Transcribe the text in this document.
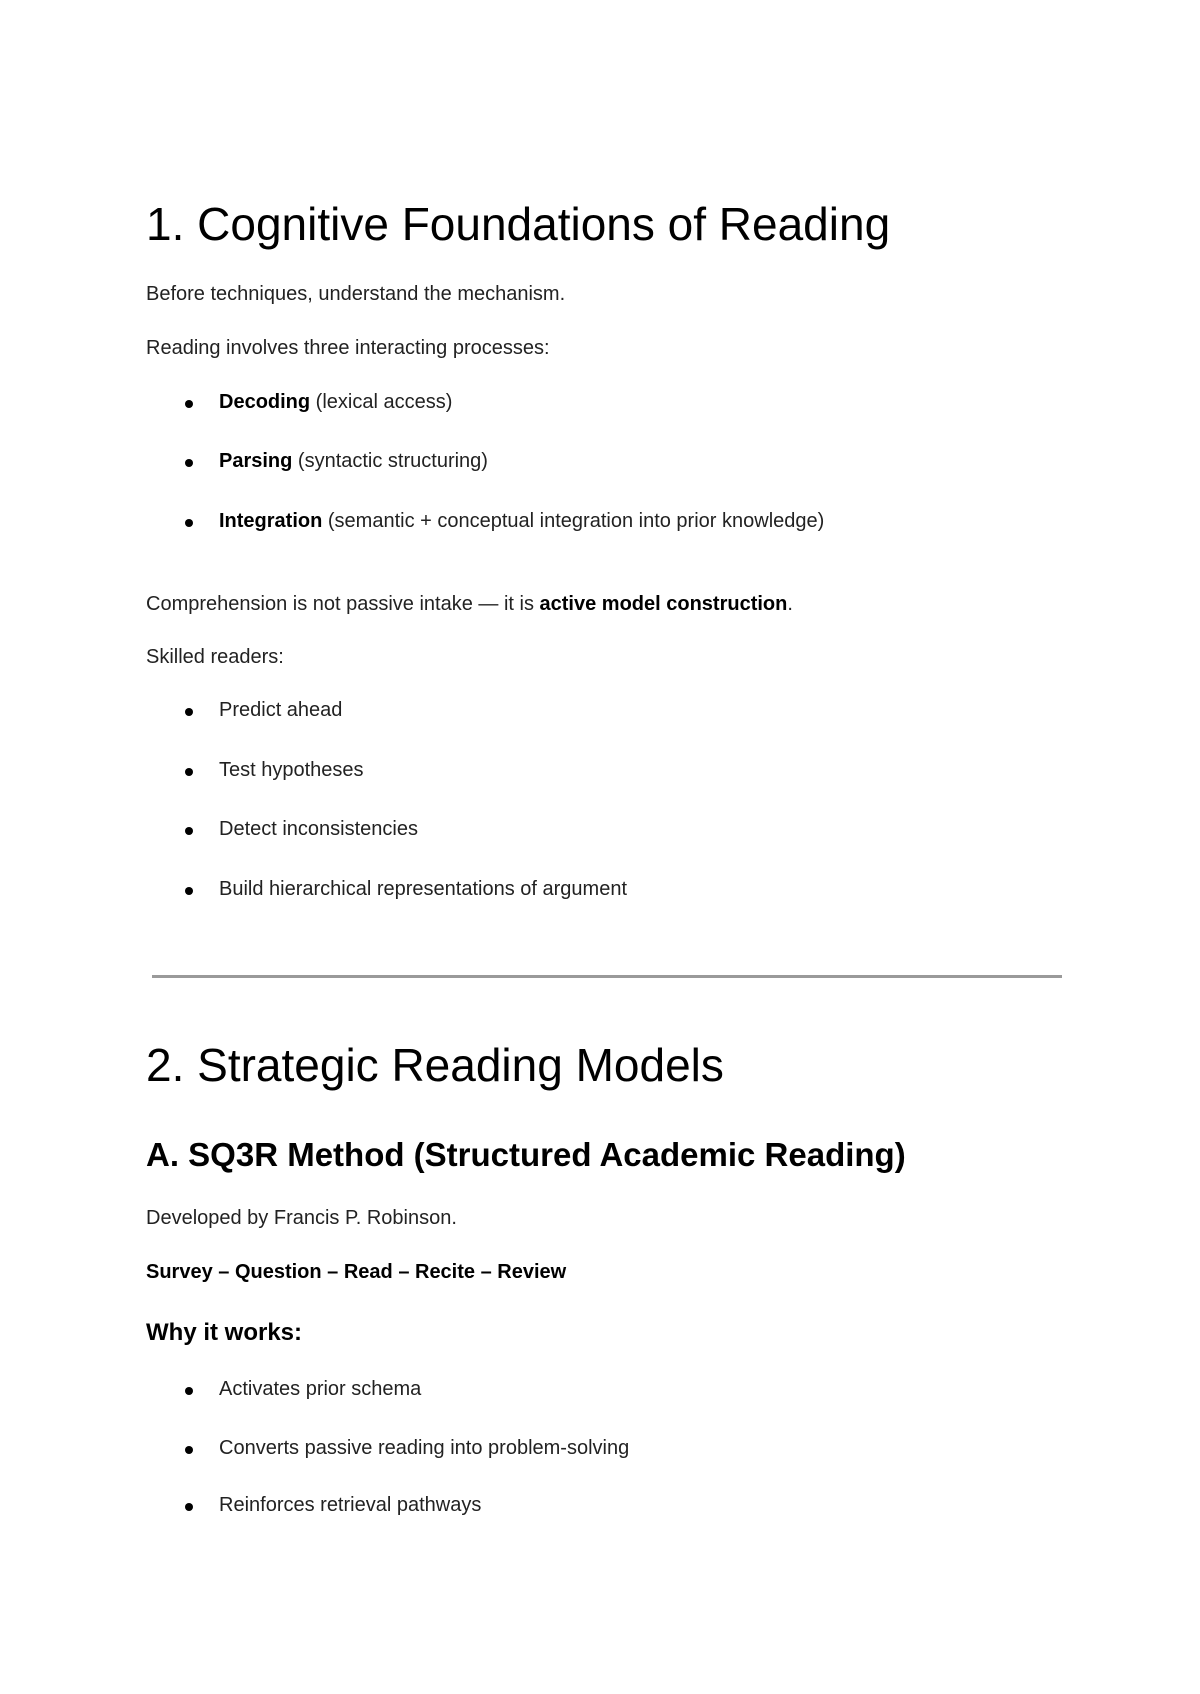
1. Cognitive Foundations of Reading

Before techniques, understand the mechanism.

Reading involves three interacting processes:

Decoding (lexical access)
Parsing (syntactic structuring)
Integration (semantic + conceptual integration into prior knowledge)

Comprehension is not passive intake — it is active model construction.

Skilled readers:

Predict ahead
Test hypotheses
Detect inconsistencies
Build hierarchical representations of argument
2. Strategic Reading Models
A. SQ3R Method (Structured Academic Reading)

Developed by Francis P. Robinson.

Survey – Question – Read – Recite – Review

Why it works:
Activates prior schema
Converts passive reading into problem-solving
Reinforces retrieval pathways
